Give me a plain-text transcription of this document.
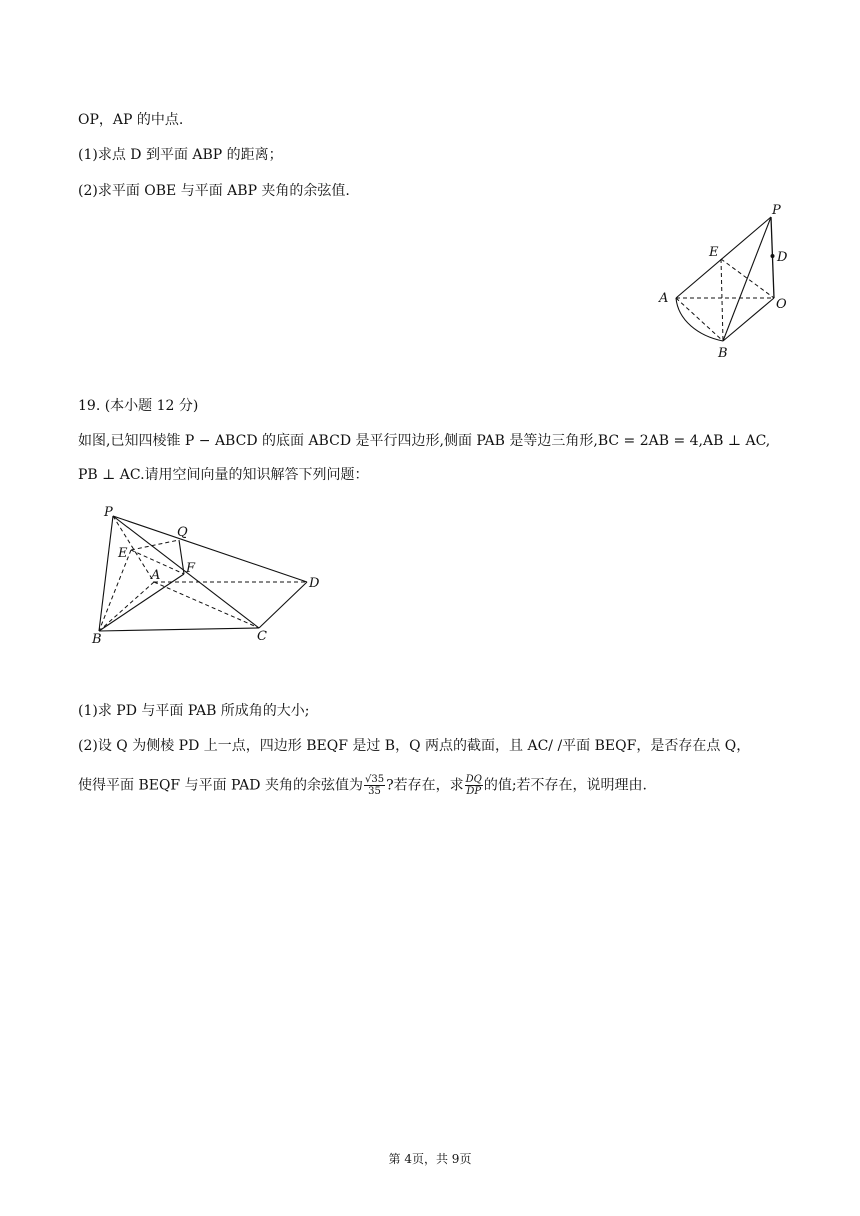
OP，AP 的中点.
(1)求点 D 到平面 ABP 的距离；
(2)求平面 OBE 与平面 ABP 夹角的余弦值.
P
E	D
A	O
B
19. (本小题 12 分)
如图,已知四棱锥 P − ABCD 的底面 ABCD 是平行四边形,侧面 PAB 是等边三角形,BC = 2AB = 4,AB ⊥ AC,
PB ⊥ AC.请用空间向量的知识解答下列问题：
P
Q
E
A F
D
B	C
(1)求 PD 与平面 PAB 所成角的大小;
(2)设 Q 为侧棱 PD 上一点，四边形 BEQF 是过 B，Q 两点的截面，且 AC/ /平面 BEQF，是否存在点 Q，
使得平面 BEQF 与平面 PAD 夹角的余弦值为 $\frac{√35}{35}$ ?若存在，求 $\frac{DQ}{DP}$ 的值;若不存在，说明理由.
第 4页，共 9页
